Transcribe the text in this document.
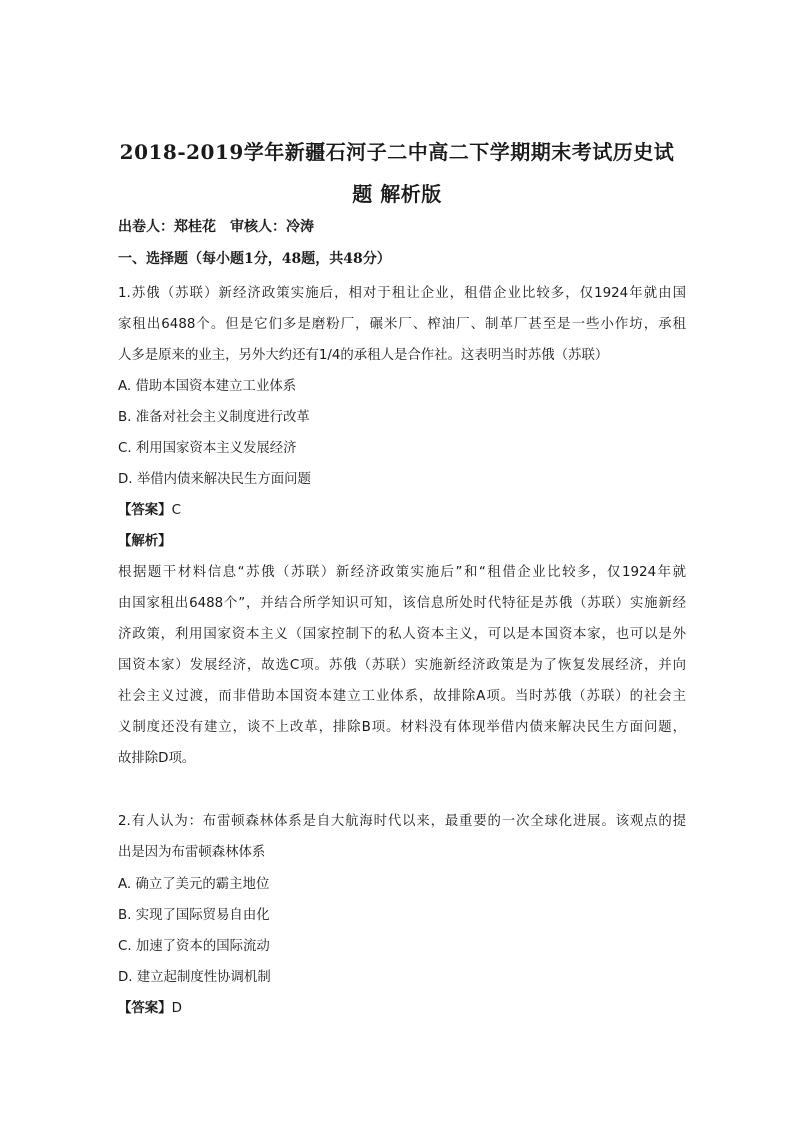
2018-2019学年新疆石河子二中高二下学期期末考试历史试
题 解析版
出卷人：郑桂花　审核人：冷涛
一、选择题（每小题1分，48题，共48分）
1.苏俄（苏联）新经济政策实施后，相对于租让企业，租借企业比较多，仅1924年就由国
家租出6488个。但是它们多是磨粉厂，碾米厂、榨油厂、制革厂甚至是一些小作坊，承租
人多是原来的业主，另外大约还有1/4的承租人是合作社。这表明当时苏俄（苏联）
A. 借助本国资本建立工业体系
B. 准备对社会主义制度进行改革
C. 利用国家资本主义发展经济
D. 举借内债来解决民生方面问题
【答案】C
【解析】
根据题干材料信息“苏俄（苏联）新经济政策实施后”和“租借企业比较多，仅1924年就
由国家租出6488个”，并结合所学知识可知，该信息所处时代特征是苏俄（苏联）实施新经
济政策，利用国家资本主义（国家控制下的私人资本主义，可以是本国资本家，也可以是外
国资本家）发展经济，故选C项。苏俄（苏联）实施新经济政策是为了恢复发展经济，并向
社会主义过渡，而非借助本国资本建立工业体系，故排除A项。当时苏俄（苏联）的社会主
义制度还没有建立，谈不上改革，排除B项。材料没有体现举借内债来解决民生方面问题，
故排除D项。
2.有人认为：布雷顿森林体系是自大航海时代以来，最重要的一次全球化进展。该观点的提
出是因为布雷顿森林体系
A. 确立了美元的霸主地位
B. 实现了国际贸易自由化
C. 加速了资本的国际流动
D. 建立起制度性协调机制
【答案】D
